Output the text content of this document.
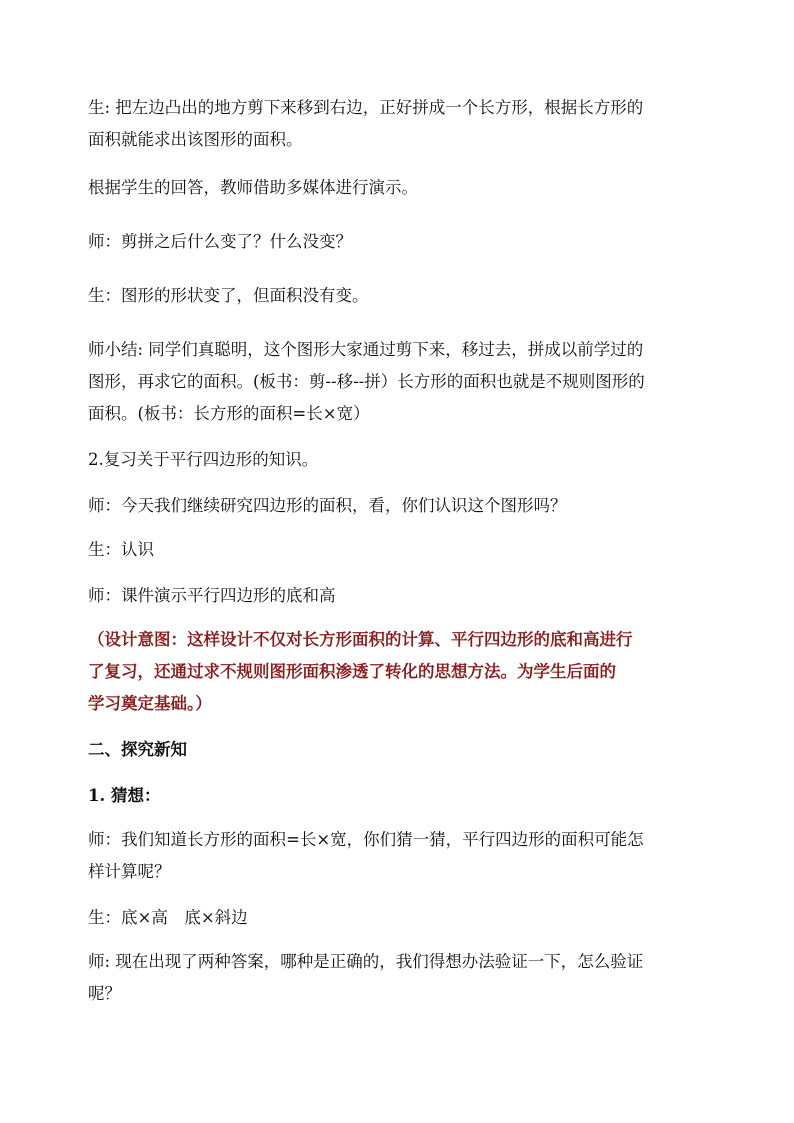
生: 把左边凸出的地方剪下来移到右边，正好拼成一个长方形，根据长方形的
面积就能求出该图形的面积。
根据学生的回答，教师借助多媒体进行演示。
师：剪拼之后什么变了？什么没变？
生：图形的形状变了，但面积没有变。
师小结: 同学们真聪明，这个图形大家通过剪下来，移过去，拼成以前学过的
图形，再求它的面积。(板书：剪--移--拼）长方形的面积也就是不规则图形的
面积。(板书：长方形的面积=长×宽）
2.复习关于平行四边形的知识。
师：今天我们继续研究四边形的面积，看，你们认识这个图形吗？
生：认识
师：课件演示平行四边形的底和高
（设计意图：这样设计不仅对长方形面积的计算、平行四边形的底和高进行
了复习，还通过求不规则图形面积渗透了转化的思想方法。为学生后面的
学习奠定基础。）
二、探究新知
1. 猜想：
师：我们知道长方形的面积=长×宽，你们猜一猜，平行四边形的面积可能怎
样计算呢？
生：底×高　底×斜边
师: 现在出现了两种答案，哪种是正确的，我们得想办法验证一下，怎么验证
呢？
